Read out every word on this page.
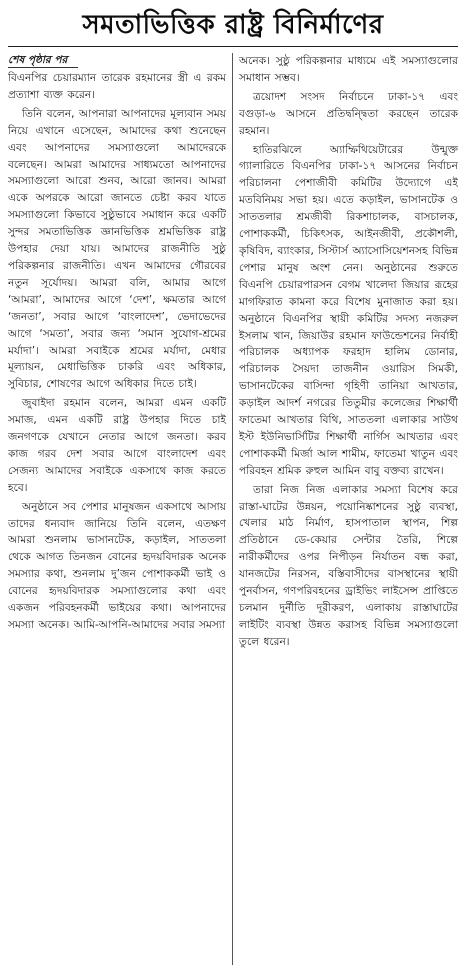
সমতাভিত্তিক রাষ্ট্র বিনির্মাণের
শেষ পৃষ্ঠার পর

বিএনপির চেয়ারম্যান তারেক রহমানের স্ত্রী এ রকম প্রত্যাশা ব্যক্ত করেন।

তিনি বলেন, আপনারা আপনাদের মূল্যবান সময় নিয়ে এখানে এসেছেন, আমাদের কথা শুনেছেন এবং আপনাদের সমস্যাগুলো আমাদেরকে বলেছেন। আমরা আমাদের সাধ্যমতো আপনাদের সমস্যাগুলো আরো শুনব, আরো জানব। আমরা একে অপরকে আরো জানতে চেষ্টা করব যাতে সমস্যাগুলো কিভাবে সুষ্ঠুভাবে সমাধান করে একটি সুন্দর সমতাভিত্তিক জ্ঞানভিত্তিক শ্রমভিত্তিক রাষ্ট্র উপহার দেয়া যায়। আমাদের রাজনীতি সুষ্ঠু পরিকল্পনার রাজনীতি। এখন আমাদের গৌরবের নতুন সূর্যোদয়। আমরা বলি, আমার আগে ‘আমরা’, আমাদের আগে ‘দেশ’, ক্ষমতার আগে ‘জনতা’, সবার আগে ‘বাংলাদেশ’, ভেদাভেদের আগে ‘সমতা’, সবার জন্য ‘সমান সুযোগ-শ্রমের মর্যাদা’। আমরা সবাইকে শ্রমের মর্যাদা, মেধার মূল্যায়ন, মেধাভিত্তিক চাকরি এবং অধিকার, সুবিচার, শোষণের আগে অধিকার দিতে চাই।

জুবাইদা রহমান বলেন, আমরা এমন একটি সমাজ, এমন একটি রাষ্ট্র উপহার দিতে চাই জনগণকে যেখানে নেতার আগে জনতা। করব কাজ গরব দেশ সবার আগে বাংলাদেশ এবং সেজন্য আমাদের সবাইকে একসাথে কাজ করতে হবে।

অনুষ্ঠানে সব পেশার মানুষজন একসাথে আসায় তাদের ধন্যবাদ জানিয়ে তিনি বলেন, এতক্ষণ আমরা শুনলাম ভাসানটেক, কড়াইল, সাততলা থেকে আগত তিনজন বোনের হৃদয়বিদারক অনেক সমস্যার কথা, শুনলাম দু’জন পোশাককর্মী ভাই ও বোনের হৃদয়বিদারক সমস্যাগুলোর কথা এবং একজন পরিবহনকর্মী ভাইয়ের কথা। আপনাদের সমস্যা অনেক। আমি-আপনি-আমাদের সবার সমস্যা

অনেক। সুষ্ঠু পরিকল্পনার মাধ্যমে এই সমস্যাগুলোর সমাধান সম্ভব।

ত্রয়োদশ সংসদ নির্বাচনে ঢাকা-১৭ এবং বগুড়া-৬ আসনে প্রতিদ্বন্দ্বিতা করছেন তারেক রহমান।

হাতিরঝিলে অ্যাম্ফিথিয়েটারের উন্মুক্ত গ্যালারিতে বিএনপির ঢাকা-১৭ আসনের নির্বাচন পরিচালনা পেশাজীবী কমিটির উদ্যোগে এই মতবিনিময় সভা হয়। এতে কড়াইল, ভাসানটেক ও সাততলার শ্রমজীবী রিকশাচালক, বাসচালক, পোশাককর্মী, চিকিৎসক, আইনজীবী, প্রকৌশলী, কৃষিবিদ, ব্যাংকার, সিস্টার্স অ্যাসোসিয়েশনসহ বিভিন্ন পেশার মানুষ অংশ নেন। অনুষ্ঠানের শুরুতে বিএনপি চেয়ারপারসন বেগম খালেদা জিয়ার রূহের মাগফিরাত কামনা করে বিশেষ মুনাজাত করা হয়। অনুষ্ঠানে বিএনপির স্থায়ী কমিটির সদস্য নজরুল ইসলাম খান, জিয়াউর রহমান ফাউন্ডেশনের নির্বাহী পরিচালক অধ্যাপক ফরহাদ হালিম ডোনার, পরিচালক সৈয়দা তাজনীন ওয়ারিস সিমকী, ভাসানটেকের বাসিন্দা গৃহিণী তানিয়া আখতার, কড়াইল আদর্শ নগরের তিতুমীর কলেজের শিক্ষার্থী ফাতেমা আখতার বিথি, সাততলা এলাকার সাউথ ইস্ট ইউনিভার্সিটির শিক্ষার্থী নার্গিস আখতার এবং পোশাককর্মী মির্জা আল শামীম, ফাতেমা খাতুন এবং পরিবহন শ্রমিক রুহুল আমিন বাবু বক্তব্য রাখেন।

তারা নিজ নিজ এলাকার সমস্যা বিশেষ করে রাস্তা-ঘাটের উন্নয়ন, পয়োনিষ্কাশনের সুষ্ঠু ব্যবস্থা, খেলার মাঠ নির্মাণ, হাসপাতাল স্থাপন, শিল্প প্রতিষ্ঠানে ডে-কেয়ার সেন্টার তৈরি, শিল্পে নারীকর্মীদের ওপর নিপীড়ন নির্যাতন বন্ধ করা, যানজটের নিরসন, বস্তিবাসীদের বাসস্থানের স্থায়ী পুনর্বাসন, গণপরিবহনের ড্রাইভিং লাইসেন্স প্রাপ্তিতে চলমান দুর্নীতি দূরীকরণ, এলাকায় রাস্তাঘাটের লাইটিং ব্যবস্থা উন্নত করাসহ বিভিন্ন সমস্যাগুলো তুলে ধরেন।
